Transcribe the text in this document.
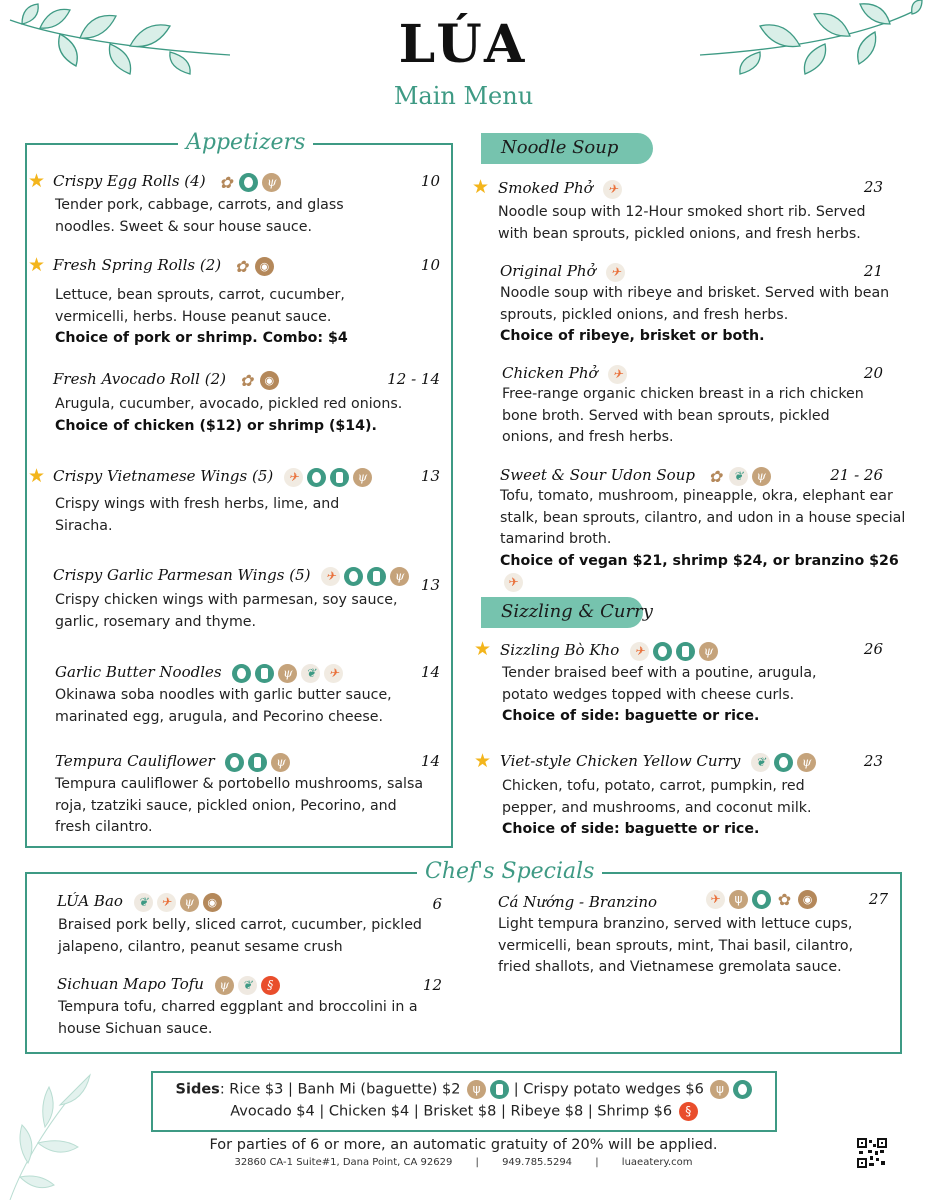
LÚA
Main Menu
Appetizers
★ Crispy Egg Rolls (4) ✿	ψ	10
Tender pork, cabbage, carrots, and glass noodles. Sweet & sour house sauce.
★ Fresh Spring Rolls (2) ✿	◉	10
Lettuce, bean sprouts, carrot, cucumber, vermicelli, herbs. House peanut sauce.
Choice of pork or shrimp. Combo: $4
Fresh Avocado Roll (2) ✿	◉	12 - 14
Arugula, cucumber, avocado, pickled red onions.
Choice of chicken ($12) or shrimp ($14).
★ Crispy Vietnamese Wings (5)	✈	ψ	13
Crispy wings with fresh herbs, lime, and Siracha.
Crispy Garlic Parmesan Wings (5)	✈	ψ
13
Crispy chicken wings with parmesan, soy sauce, garlic, rosemary and thyme.
Garlic Butter Noodles	ψ	❦	✈	14
Okinawa soba noodles with garlic butter sauce, marinated egg, arugula, and Pecorino cheese.
Tempura Cauliflower	ψ	14
Tempura cauliflower & portobello mushrooms, salsa roja, tzatziki sauce, pickled onion, Pecorino, and fresh cilantro.
Noodle Soup
★ Smoked Phở	✈	23
Noodle soup with 12-Hour smoked short rib. Served with bean sprouts, pickled onions, and fresh herbs.
Original Phở	✈	21
Noodle soup with ribeye and brisket. Served with bean sprouts, pickled onions, and fresh herbs.
Choice of ribeye, brisket or both.
Chicken Phở	✈	20
Free-range organic chicken breast in a rich chicken bone broth. Served with bean sprouts, pickled onions, and fresh herbs.
Sweet & Sour Udon Soup ✿ ❦	ψ	21 - 26
Tofu, tomato, mushroom, pineapple, okra, elephant ear stalk, bean sprouts, cilantro, and udon in a house special tamarind broth.
Choice of vegan $21, shrimp $24, or branzino $26
✈
Sizzling & Curry
★ Sizzling Bò Kho	✈	ψ	26
Tender braised beef with a poutine, arugula, potato wedges topped with cheese curls.
Choice of side: baguette or rice.
★ Viet-style Chicken Yellow Curry	❦	ψ	23
Chicken, tofu, potato, carrot, pumpkin, red pepper, and mushrooms, and coconut milk.
Choice of side: baguette or rice.
Chef's Specials
LÚA Bao	❦	✈	ψ	◉	6
Braised pork belly, sliced carrot, cucumber, pickled jalapeno, cilantro, peanut sesame crush
Sichuan Mapo Tofu	ψ	❦	§	12
Tempura tofu, charred eggplant and broccolini in a house Sichuan sauce.
Cá Nướng - Branzino	✈	ψ	✿	◉	27
Light tempura branzino, served with lettuce cups, vermicelli, bean sprouts, mint, Thai basil, cilantro, fried shallots, and Vietnamese gremolata sauce.
Sides: Rice $3 | Banh Mi (baguette) $2	ψ	| Crispy potato wedges $6	ψ
Avocado $4 | Chicken $4 | Brisket $8 | Ribeye $8 | Shrimp $6	§
For parties of 6 or more, an automatic gratuity of 20% will be applied.
32860 CA-1 Suite#1, Dana Point, CA 92629 | 949.785.5294 | luaeatery.com
